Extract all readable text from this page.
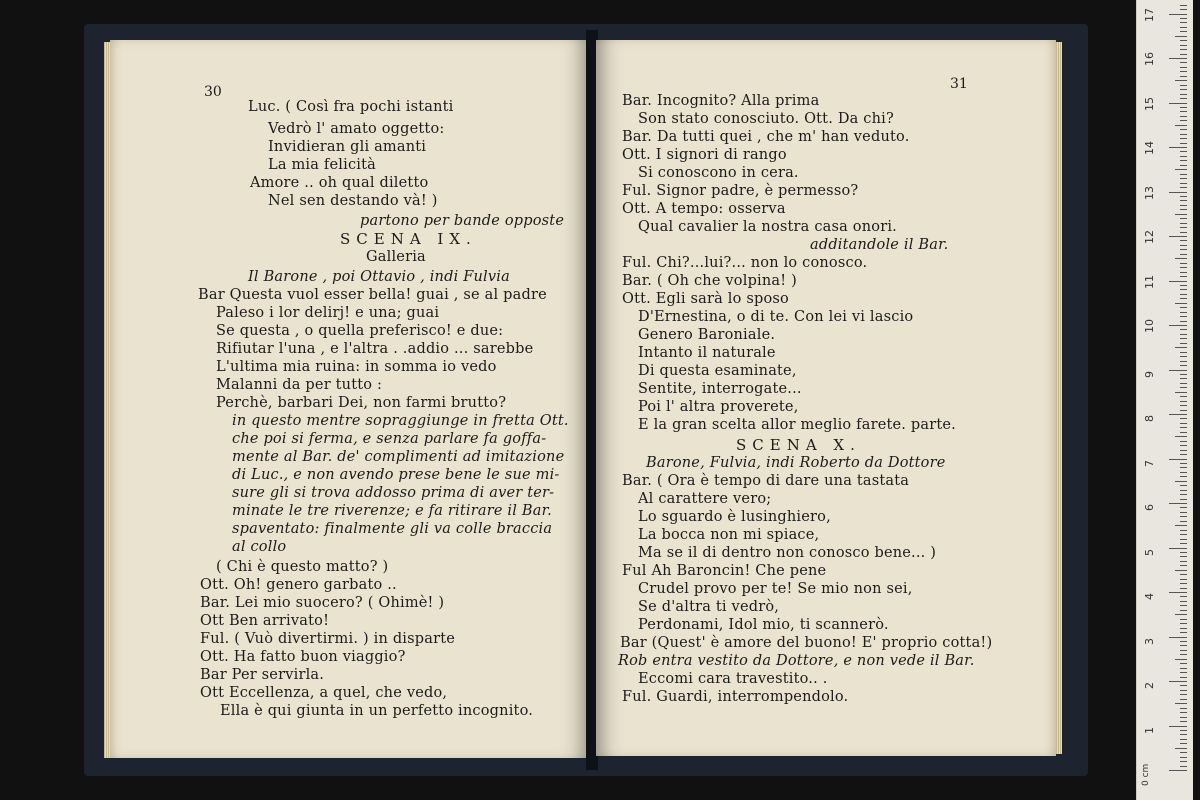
30
Luc. ( Così fra pochi istanti
Vedrò l' amato oggetto:
Invidieran gli amanti
La mia felicità
Amore .. oh qual diletto
Nel sen destando và! )
partono per bande opposte
SCENA IX.
Galleria
Il Barone , poi Ottavio , indi Fulvia
Bar Questa vuol esser bella! guai , se al padre
Paleso i lor delirj! e una; guai
Se questa , o quella preferisco! e due:
Rifiutar l'una , e l'altra . .addio ... sarebbe
L'ultima mia ruina: in somma io vedo
Malanni da per tutto :
Perchè, barbari Dei, non farmi brutto?
in questo mentre sopraggiunge in fretta Ott.
che poi si ferma, e senza parlare fa goffa-
mente al Bar. de' complimenti ad imitazione
di Luc., e non avendo prese bene le sue mi-
sure gli si trova addosso prima di aver ter-
minate le tre riverenze; e fa ritirare il Bar.
spaventato: finalmente gli va colle braccia
al collo
( Chi è questo matto? )
Ott. Oh! genero garbato ..
Bar. Lei mio suocero? ( Ohimè! )
Ott Ben arrivato!
Ful. ( Vuò divertirmi. ) in disparte
Ott. Ha fatto buon viaggio?
Bar Per servirla.
Ott Eccellenza, a quel, che vedo,
Ella è qui giunta in un perfetto incognito.
31
Bar. Incognito? Alla prima
Son stato conosciuto. Ott. Da chi?
Bar. Da tutti quei , che m' han veduto.
Ott. I signori di rango
Si conoscono in cera.
Ful. Signor padre, è permesso?
Ott. A tempo: osserva
Qual cavalier la nostra casa onori.
additandole il Bar.
Ful. Chi?...lui?... non lo conosco.
Bar. ( Oh che volpina! )
Ott. Egli sarà lo sposo
D'Ernestina, o di te. Con lei vi lascio
Genero Baroniale.
Intanto il naturale
Di questa esaminate,
Sentite, interrogate...
Poi l' altra proverete,
E la gran scelta allor meglio farete. parte.
SCENA X.
Barone, Fulvia, indi Roberto da Dottore
Bar. ( Ora è tempo di dare una tastata
Al carattere vero;
Lo sguardo è lusinghiero,
La bocca non mi spiace,
Ma se il di dentro non conosco bene... )
Ful Ah Baroncin! Che pene
Crudel provo per te! Se mio non sei,
Se d'altra ti vedrò,
Perdonami, Idol mio, ti scannerò.
Bar (Quest' è amore del buono! E' proprio cotta!)
Rob entra vestito da Dottore, e non vede il Bar.
Eccomi cara travestito.. .
Ful. Guardi, interrompendolo.
0 cm
1
2
3
4
5
6
7
8
9
10
11
12
13
14
15
16
17
